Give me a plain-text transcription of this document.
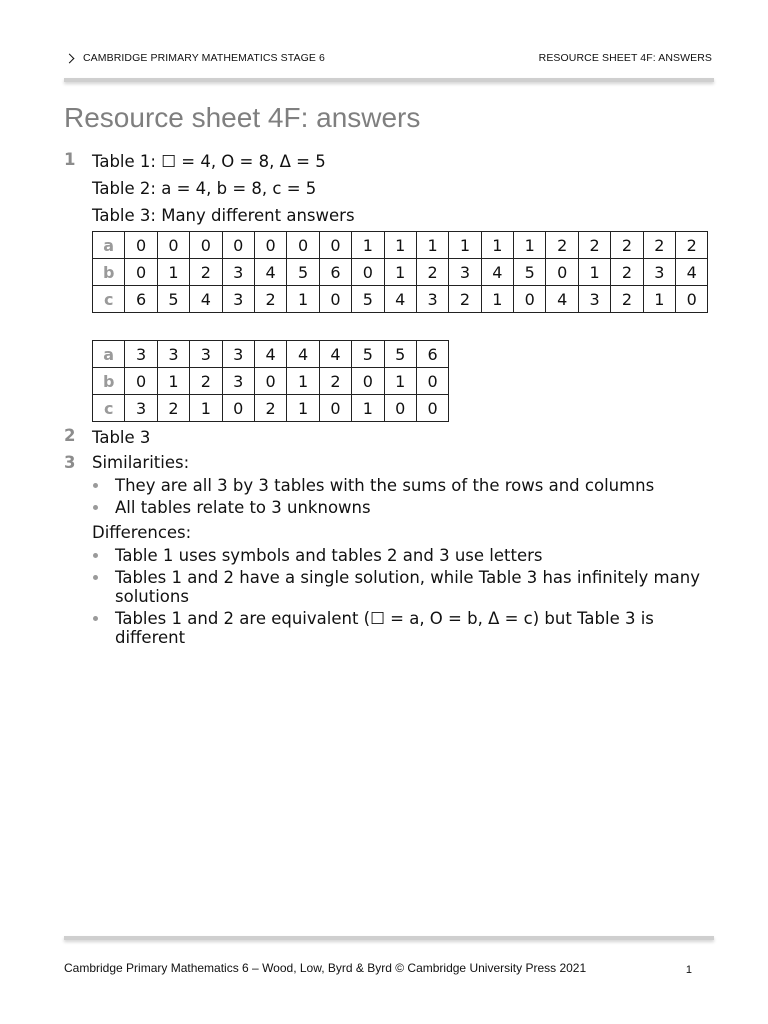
CAMBRIDGE PRIMARY MATHEMATICS STAGE 6	RESOURCE SHEET 4F: ANSWERS
Resource sheet 4F: answers
1 Table 1: ☐ = 4, O = 8, Δ = 5
Table 2: a = 4, b = 8, c = 5
Table 3: Many different answers
a	0	0	0	0	0	0	0	1	1	1	1	1	1	2	2	2	2	2
b	0	1	2	3	4	5	6	0	1	2	3	4	5	0	1	2	3	4
c	6	5	4	3	2	1	0	5	4	3	2	1	0	4	3	2	1	0
a	3	3	3	3	4	4	4	5	5	6
b	0	1	2	3	0	1	2	0	1	0
c	3	2	1	0	2	1	0	1	0	0
2 Table 3
3 Similarities:
They are all 3 by 3 tables with the sums of the rows and columns
All tables relate to 3 unknowns
Differences:
Table 1 uses symbols and tables 2 and 3 use letters
Tables 1 and 2 have a single solution, while Table 3 has infinitely many solutions
Tables 1 and 2 are equivalent (☐ = a, O = b, Δ = c) but Table 3 is different
Cambridge Primary Mathematics 6 – Wood, Low, Byrd & Byrd © Cambridge University Press 2021	1
